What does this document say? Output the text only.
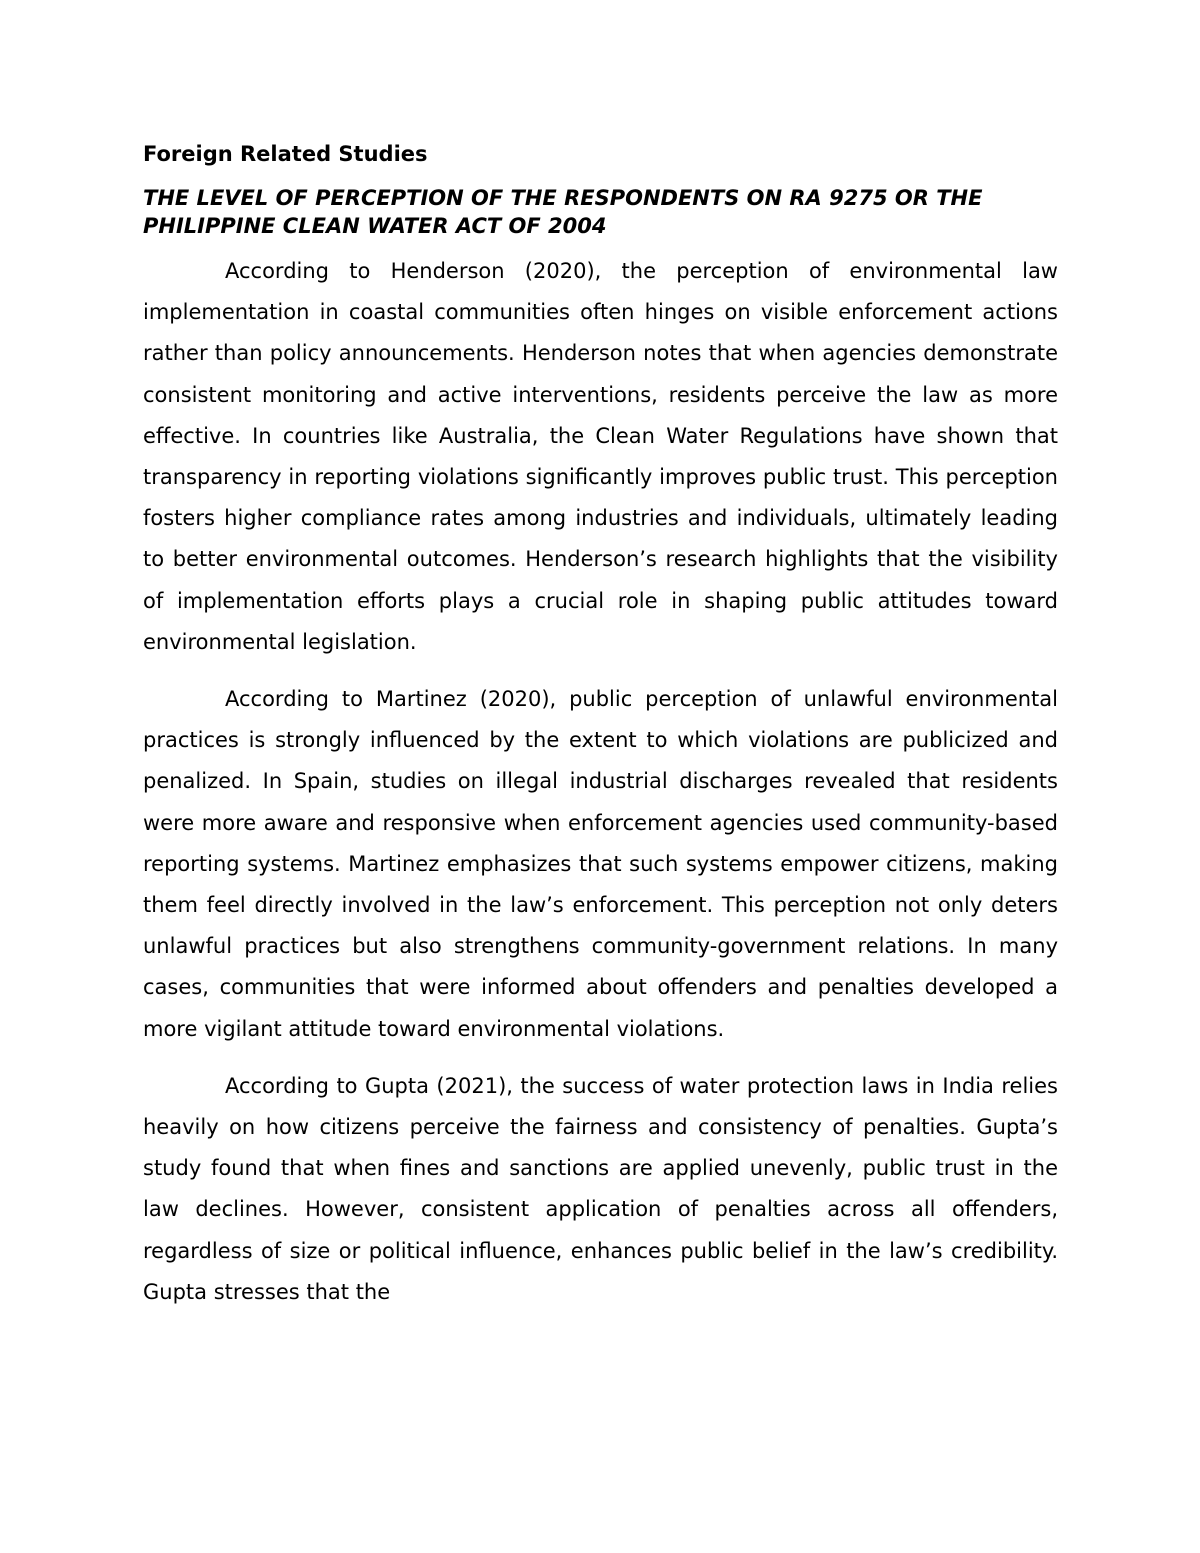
Foreign Related Studies
THE LEVEL OF PERCEPTION OF THE RESPONDENTS ON RA 9275 OR THE PHILIPPINE CLEAN WATER ACT OF 2004

According to Henderson (2020), the perception of environmental law implementation in coastal communities often hinges on visible enforcement actions rather than policy announcements. Henderson notes that when agencies demonstrate consistent monitoring and active interventions, residents perceive the law as more effective. In countries like Australia, the Clean Water Regulations have shown that transparency in reporting violations significantly improves public trust. This perception fosters higher compliance rates among industries and individuals, ultimately leading to better environmental outcomes. Henderson’s research highlights that the visibility of implementation efforts plays a crucial role in shaping public attitudes toward environmental legislation.

According to Martinez (2020), public perception of unlawful environmental practices is strongly influenced by the extent to which violations are publicized and penalized. In Spain, studies on illegal industrial discharges revealed that residents were more aware and responsive when enforcement agencies used community-based reporting systems. Martinez emphasizes that such systems empower citizens, making them feel directly involved in the law’s enforcement. This perception not only deters unlawful practices but also strengthens community-government relations. In many cases, communities that were informed about offenders and penalties developed a more vigilant attitude toward environmental violations.

According to Gupta (2021), the success of water protection laws in India relies heavily on how citizens perceive the fairness and consistency of penalties. Gupta’s study found that when fines and sanctions are applied unevenly, public trust in the law declines. However, consistent application of penalties across all offenders, regardless of size or political influence, enhances public belief in the law’s credibility. Gupta stresses that the
